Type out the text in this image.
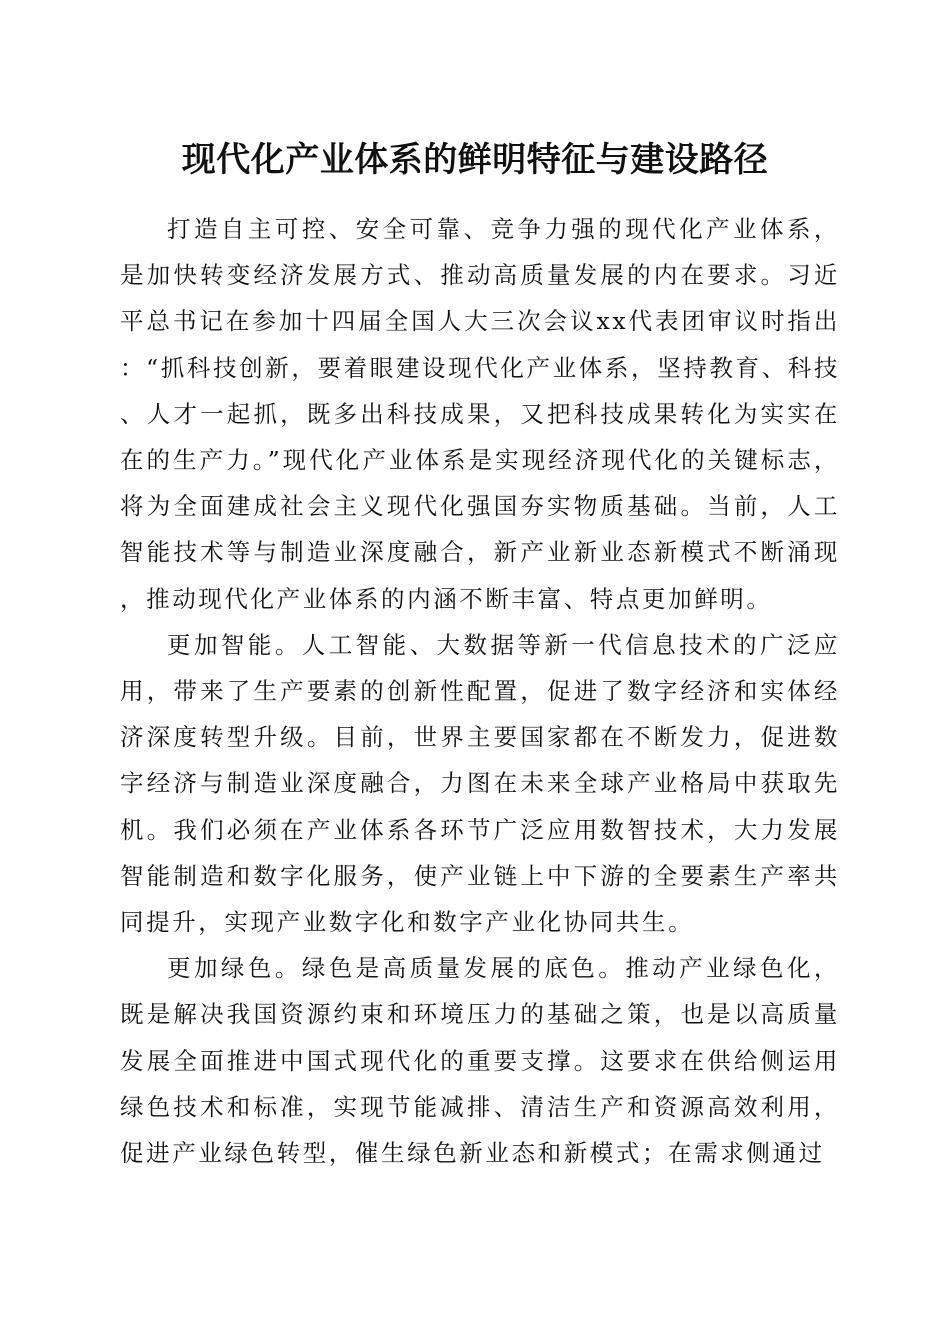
现代化产业体系的鲜明特征与建设路径

打造自主可控、安全可靠、竞争力强的现代化产业体系，是加快转变经济发展方式、推动高质量发展的内在要求。习近平总书记在参加十四届全国人大三次会议xx代表团审议时指出：“抓科技创新，要着眼建设现代化产业体系，坚持教育、科技、人才一起抓，既多出科技成果，又把科技成果转化为实实在在的生产力。”现代化产业体系是实现经济现代化的关键标志，将为全面建成社会主义现代化强国夯实物质基础。当前，人工智能技术等与制造业深度融合，新产业新业态新模式不断涌现，推动现代化产业体系的内涵不断丰富、特点更加鲜明。

更加智能。人工智能、大数据等新一代信息技术的广泛应用，带来了生产要素的创新性配置，促进了数字经济和实体经济深度转型升级。目前，世界主要国家都在不断发力，促进数字经济与制造业深度融合，力图在未来全球产业格局中获取先机。我们必须在产业体系各环节广泛应用数智技术，大力发展智能制造和数字化服务，使产业链上中下游的全要素生产率共同提升，实现产业数字化和数字产业化协同共生。

更加绿色。绿色是高质量发展的底色。推动产业绿色化，既是解决我国资源约束和环境压力的基础之策，也是以高质量发展全面推进中国式现代化的重要支撑。这要求在供给侧运用绿色技术和标准，实现节能减排、清洁生产和资源高效利用，促进产业绿色转型，催生绿色新业态和新模式；在需求侧通过
